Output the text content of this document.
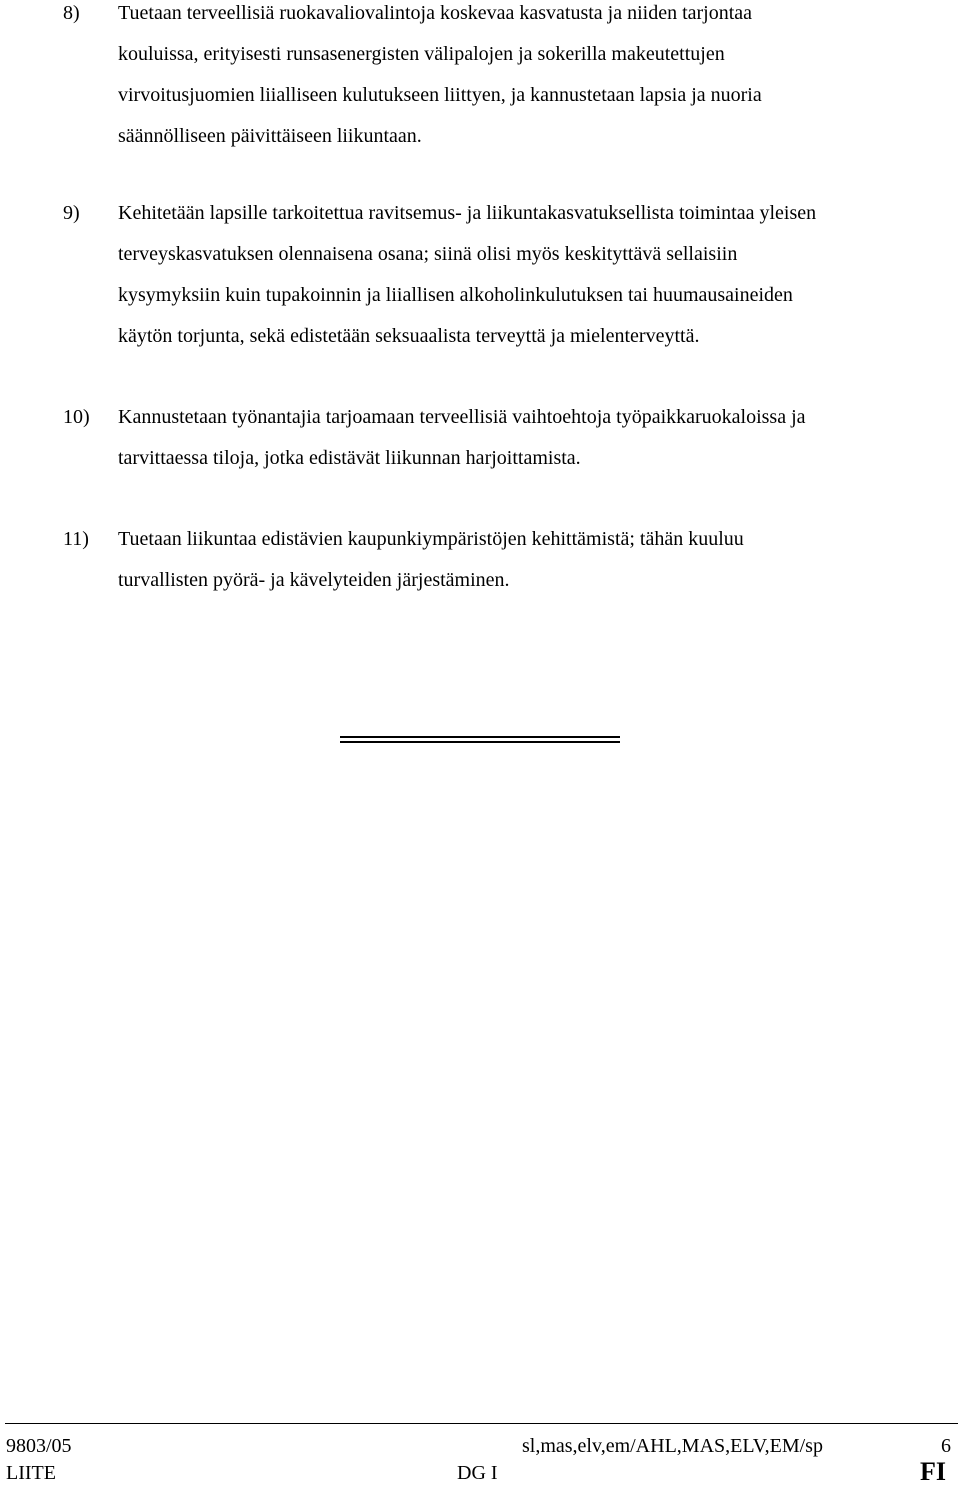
8) Tuetaan terveellisiä ruokavaliovalintoja koskevaa kasvatusta ja niiden tarjontaa
kouluissa, erityisesti runsasenergisten välipalojen ja sokerilla makeutettujen
virvoitusjuomien liialliseen kulutukseen liittyen, ja kannustetaan lapsia ja nuoria
säännölliseen päivittäiseen liikuntaan.
9) Kehitetään lapsille tarkoitettua ravitsemus- ja liikuntakasvatuksellista toimintaa yleisen
terveyskasvatuksen olennaisena osana; siinä olisi myös keskityttävä sellaisiin
kysymyksiin kuin tupakoinnin ja liiallisen alkoholinkulutuksen tai huumausaineiden
käytön torjunta, sekä edistetään seksuaalista terveyttä ja mielenterveyttä.
10) Kannustetaan työnantajia tarjoamaan terveellisiä vaihtoehtoja työpaikkaruokaloissa ja
tarvittaessa tiloja, jotka edistävät liikunnan harjoittamista.
11) Tuetaan liikuntaa edistävien kaupunkiympäristöjen kehittämistä; tähän kuuluu
turvallisten pyörä- ja kävelyteiden järjestäminen.
9803/05	sl,mas,elv,em/AHL,MAS,ELV,EM/sp	6
LIITE	DG I	FI
